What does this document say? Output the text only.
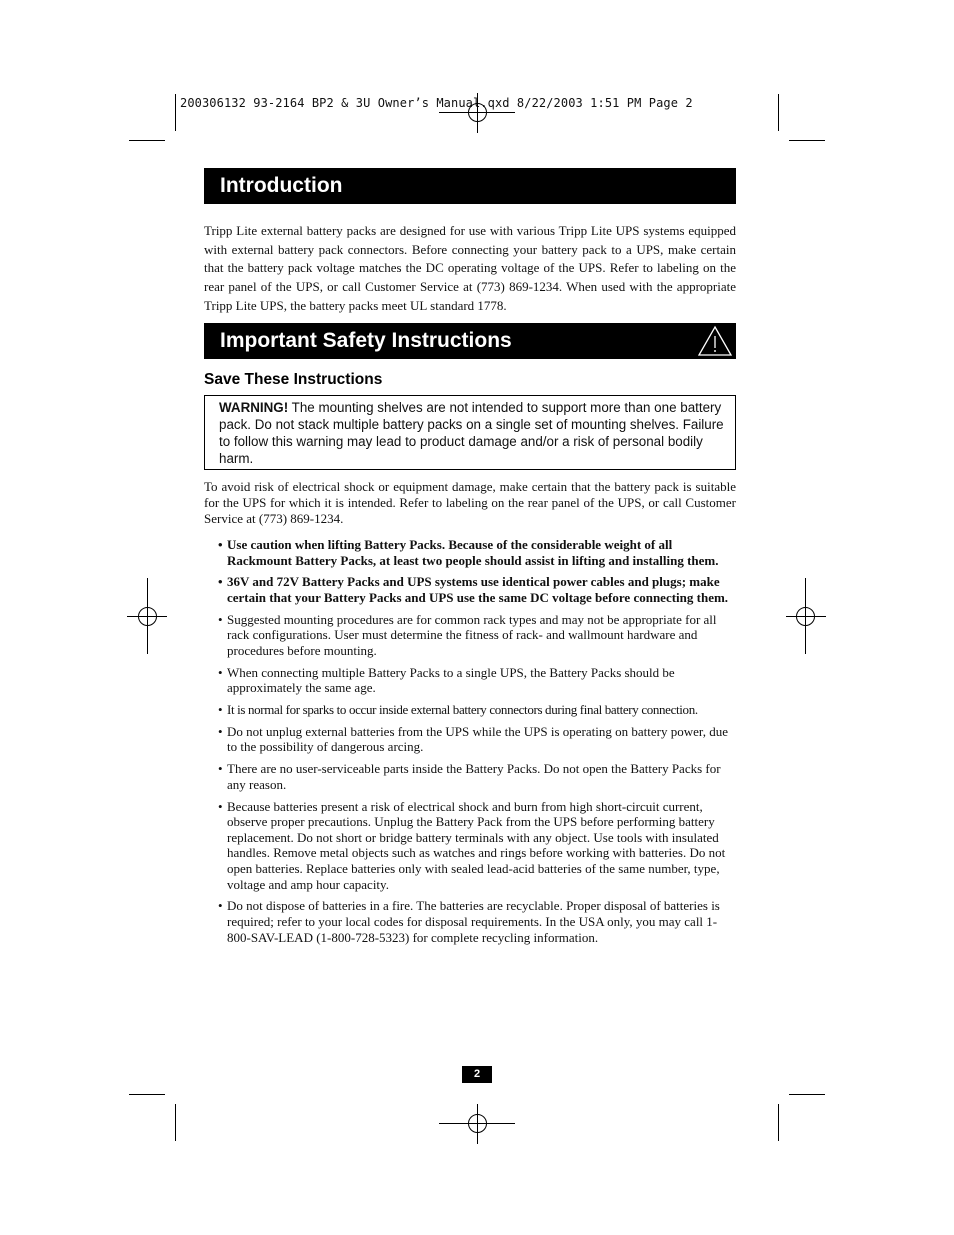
200306132 93-2164 BP2 & 3U Owner’s Manual.qxd 8/22/2003 1:51 PM Page 2
Introduction

Tripp Lite external battery packs are designed for use with various Tripp Lite UPS systems equipped with external battery pack connectors. Before connecting your battery pack to a UPS, make certain that the battery pack voltage matches the DC operating voltage of the UPS. Refer to labeling on the rear panel of the UPS, or call Customer Service at (773) 869-1234. When used with the appropriate Tripp Lite UPS, the battery packs meet UL standard 1778.

Important Safety Instructions
Save These Instructions
WARNING! The mounting shelves are not intended to support more than one battery pack. Do not stack multiple battery packs on a single set of mounting shelves. Failure to follow this warning may lead to product damage and/or a risk of personal bodily harm.

To avoid risk of electrical shock or equipment damage, make certain that the battery pack is suitable for the UPS for which it is intended. Refer to labeling on the rear panel of the UPS, or call Customer Service at (773) 869-1234.

• Use caution when lifting Battery Packs. Because of the considerable weight of all Rackmount Battery Packs, at least two people should assist in lifting and installing them.
• 36V and 72V Battery Packs and UPS systems use identical power cables and plugs; make certain that your Battery Packs and UPS use the same DC voltage before connecting them.
• Suggested mounting procedures are for common rack types and may not be appropriate for all rack configurations. User must determine the fitness of rack- and wallmount hardware and procedures before mounting.
• When connecting multiple Battery Packs to a single UPS, the Battery Packs should be approximately the same age.
• It is normal for sparks to occur inside external battery connectors during final battery connection.
• Do not unplug external batteries from the UPS while the UPS is operating on battery power, due to the possibility of dangerous arcing.
• There are no user-serviceable parts inside the Battery Packs. Do not open the Battery Packs for any reason.
• Because batteries present a risk of electrical shock and burn from high short-circuit current, observe proper precautions. Unplug the Battery Pack from the UPS before performing battery replacement. Do not short or bridge battery terminals with any object. Use tools with insulated handles. Remove metal objects such as watches and rings before working with batteries. Do not open batteries. Replace batteries only with sealed lead-acid batteries of the same number, type, voltage and amp hour capacity.
• Do not dispose of batteries in a fire. The batteries are recyclable. Proper disposal of batteries is required; refer to your local codes for disposal requirements. In the USA only, you may call 1-800-SAV-LEAD (1-800-728-5323) for complete recycling information.
2
